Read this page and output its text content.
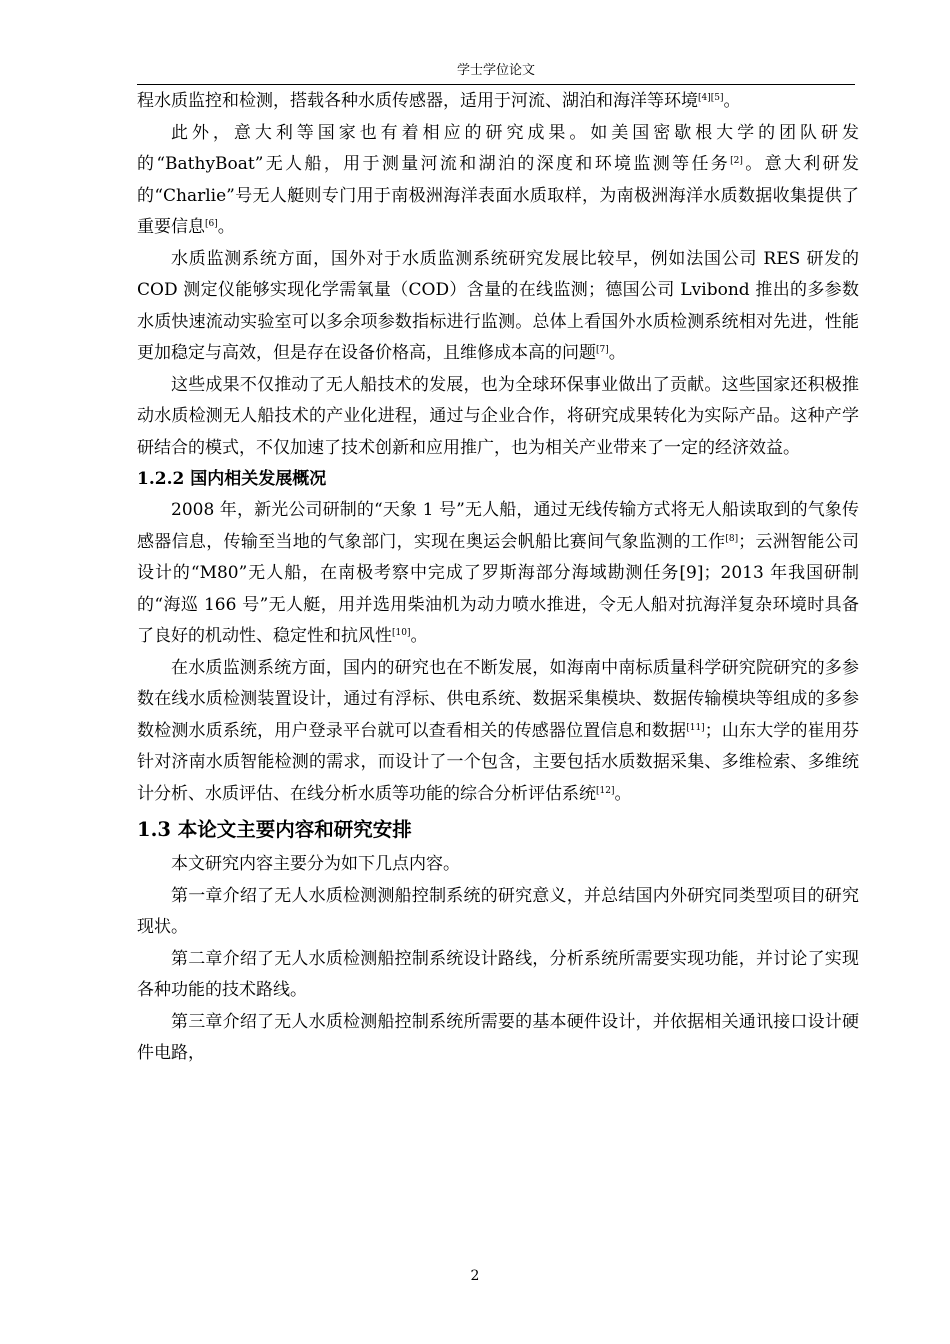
学士学位论文

程水质监控和检测，搭载各种水质传感器，适用于河流、湖泊和海洋等环境[4][5]。

此外，意大利等国家也有着相应的研究成果。如美国密歇根大学的团队研发的“BathyBoat”无人船，用于测量河流和湖泊的深度和环境监测等任务[2]。意大利研发的“Charlie”号无人艇则专门用于南极洲海洋表面水质取样，为南极洲海洋水质数据收集提供了重要信息[6]。

水质监测系统方面，国外对于水质监测系统研究发展比较早，例如法国公司 RES 研发的 COD 测定仪能够实现化学需氧量（COD）含量的在线监测；德国公司 Lvibond 推出的多参数水质快速流动实验室可以多余项参数指标进行监测。总体上看国外水质检测系统相对先进，性能更加稳定与高效，但是存在设备价格高，且维修成本高的问题[7]。

这些成果不仅推动了无人船技术的发展，也为全球环保事业做出了贡献。这些国家还积极推动水质检测无人船技术的产业化进程，通过与企业合作，将研究成果转化为实际产品。这种产学研结合的模式，不仅加速了技术创新和应用推广，也为相关产业带来了一定的经济效益。

1.2.2 国内相关发展概况

2008 年，新光公司研制的“天象 1 号”无人船，通过无线传输方式将无人船读取到的气象传感器信息，传输至当地的气象部门，实现在奥运会帆船比赛间气象监测的工作[8]；云洲智能公司设计的“M80”无人船，在南极考察中完成了罗斯海部分海域勘测任务[9]；2013 年我国研制的“海巡 166 号”无人艇，用并选用柴油机为动力喷水推进，令无人船对抗海洋复杂环境时具备了良好的机动性、稳定性和抗风性[10]。

在水质监测系统方面，国内的研究也在不断发展，如海南中南标质量科学研究院研究的多参数在线水质检测装置设计，通过有浮标、供电系统、数据采集模块、数据传输模块等组成的多参数检测水质系统，用户登录平台就可以查看相关的传感器位置信息和数据[11]；山东大学的崔用芬针对济南水质智能检测的需求，而设计了一个包含，主要包括水质数据采集、多维检索、多维统计分析、水质评估、在线分析水质等功能的综合分析评估系统[12]。

1.3 本论文主要内容和研究安排

本文研究内容主要分为如下几点内容。

第一章介绍了无人水质检测测船控制系统的研究意义，并总结国内外研究同类型项目的研究现状。

第二章介绍了无人水质检测船控制系统设计路线，分析系统所需要实现功能，并讨论了实现各种功能的技术路线。

第三章介绍了无人水质检测船控制系统所需要的基本硬件设计，并依据相关通讯接口设计硬件电路，

2
